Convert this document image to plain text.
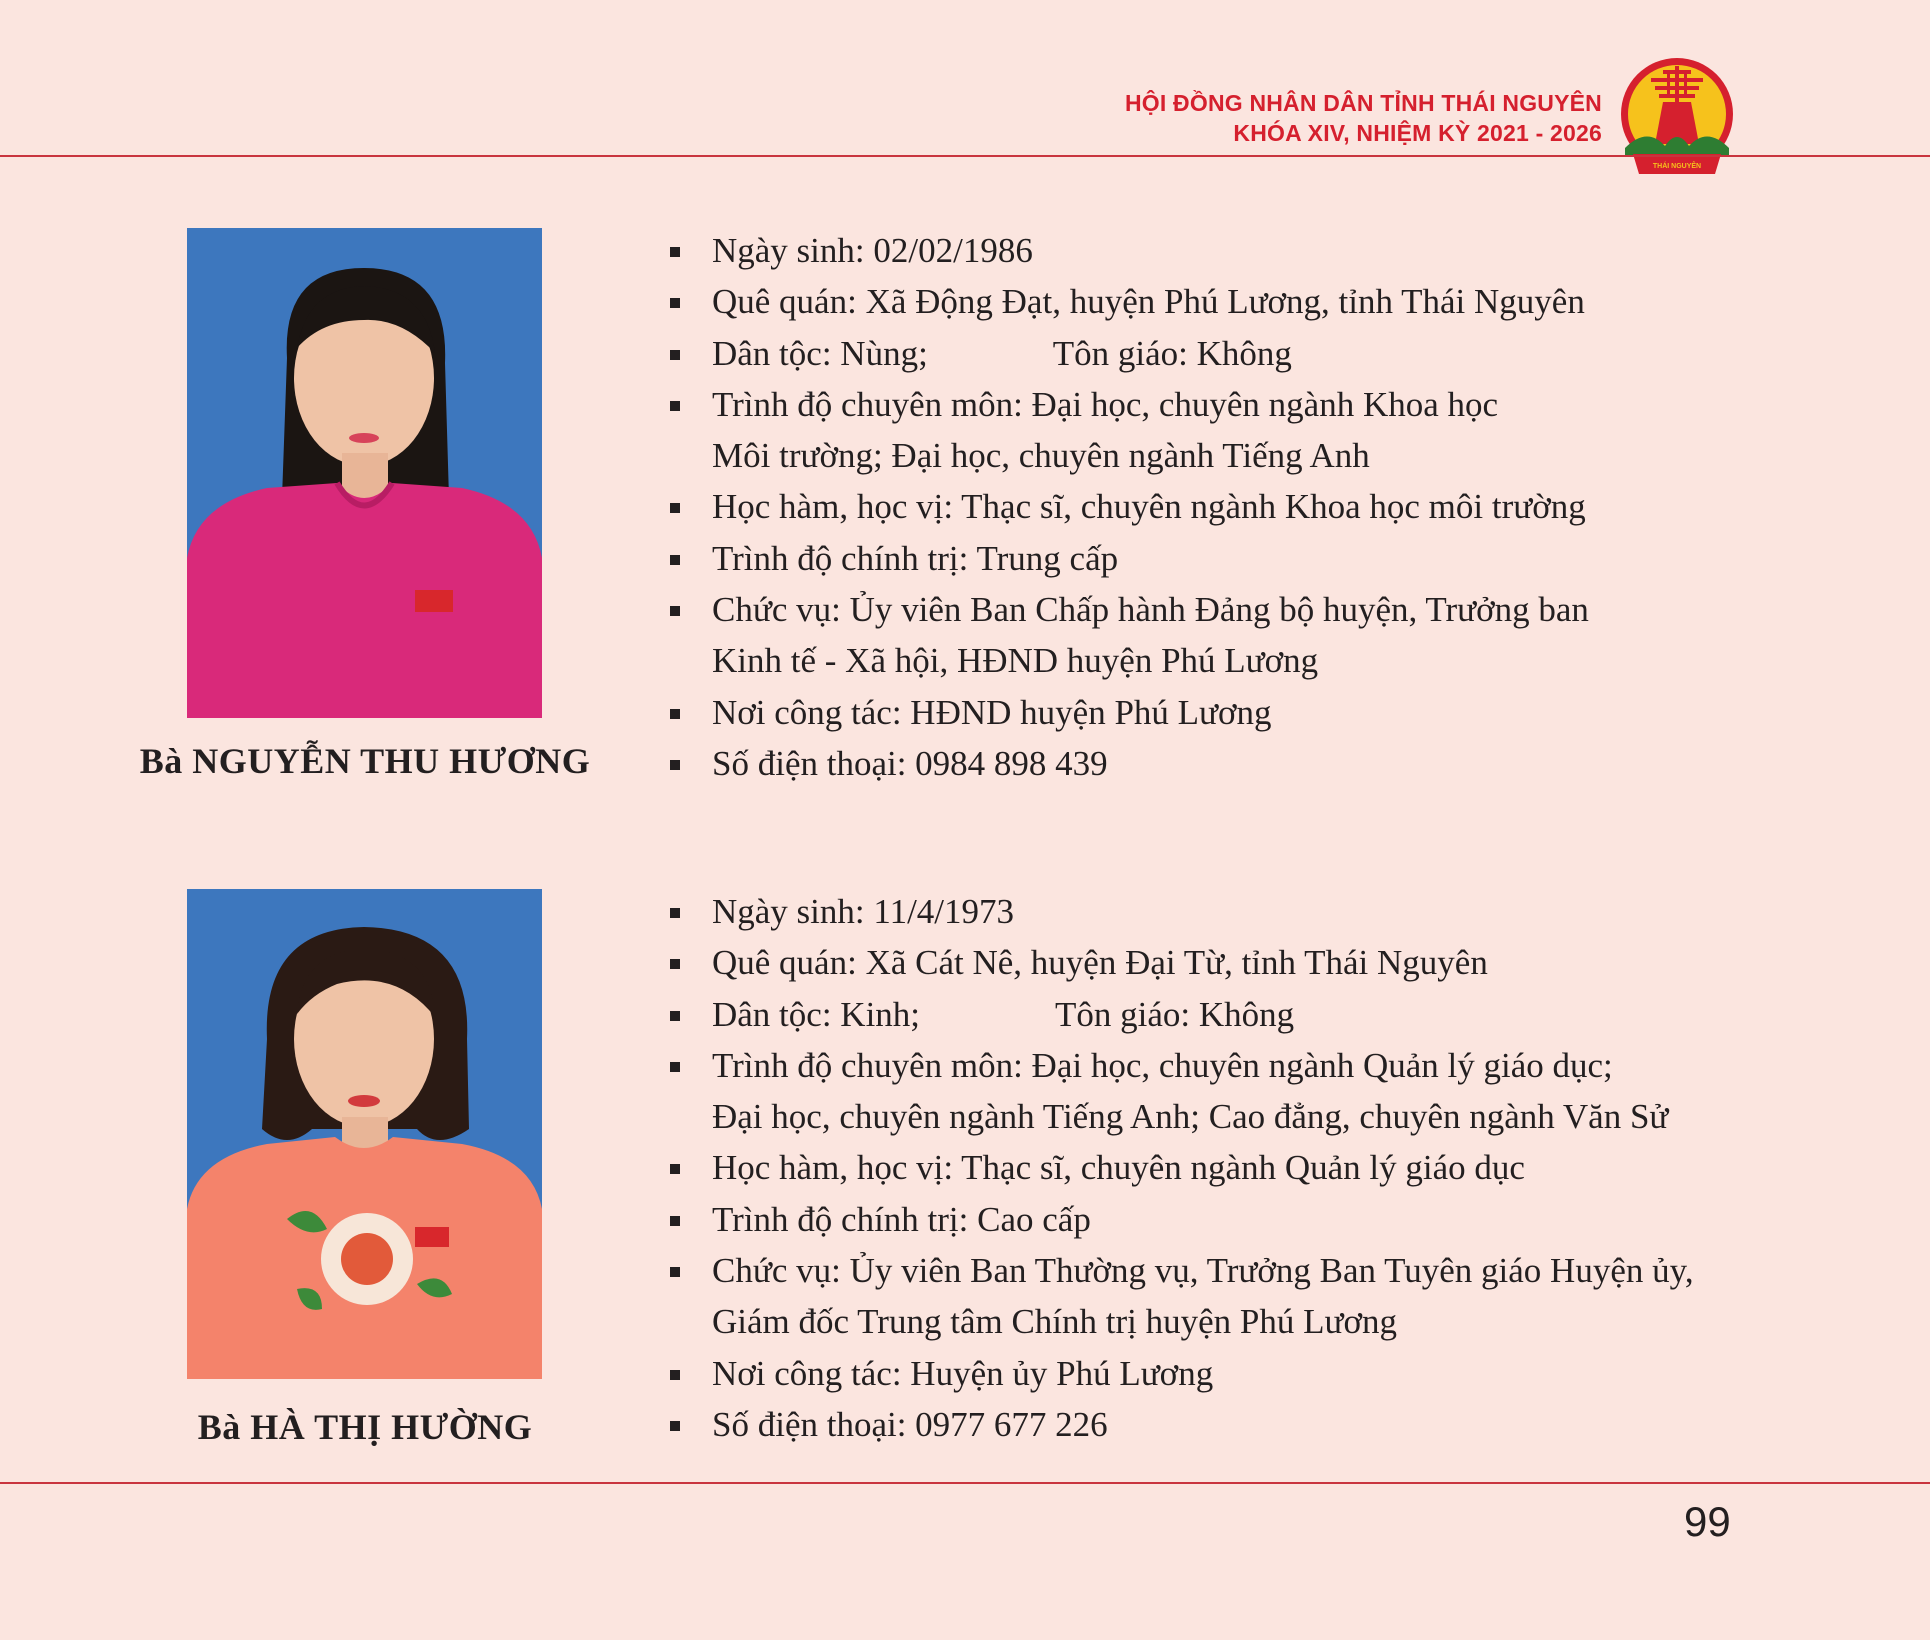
HỘI ĐỒNG NHÂN DÂN TỈNH THÁI NGUYÊN
KHÓA XIV, NHIỆM KỲ 2021 - 2026
THÁI NGUYÊN
Bà NGUYỄN THU HƯƠNG
Ngày sinh: 02/02/1986
Quê quán: Xã Động Đạt, huyện Phú Lương, tỉnh Thái Nguyên
Dân tộc: Nùng;	Tôn giáo: Không
Trình độ chuyên môn: Đại học, chuyên ngành Khoa học
Môi trường; Đại học, chuyên ngành Tiếng Anh
Học hàm, học vị: Thạc sĩ, chuyên ngành Khoa học môi trường
Trình độ chính trị: Trung cấp
Chức vụ: Ủy viên Ban Chấp hành Đảng bộ huyện, Trưởng ban
Kinh tế - Xã hội, HĐND huyện Phú Lương
Nơi công tác: HĐND huyện Phú Lương
Số điện thoại: 0984 898 439
Bà HÀ THỊ HƯỜNG
Ngày sinh: 11/4/1973
Quê quán: Xã Cát Nê, huyện Đại Từ, tỉnh Thái Nguyên
Dân tộc: Kinh;	Tôn giáo: Không
Trình độ chuyên môn: Đại học, chuyên ngành Quản lý giáo dục;
Đại học, chuyên ngành Tiếng Anh; Cao đẳng, chuyên ngành Văn Sử
Học hàm, học vị: Thạc sĩ, chuyên ngành Quản lý giáo dục
Trình độ chính trị: Cao cấp
Chức vụ: Ủy viên Ban Thường vụ, Trưởng Ban Tuyên giáo Huyện ủy,
Giám đốc Trung tâm Chính trị huyện Phú Lương
Nơi công tác: Huyện ủy Phú Lương
Số điện thoại: 0977 677 226
99
